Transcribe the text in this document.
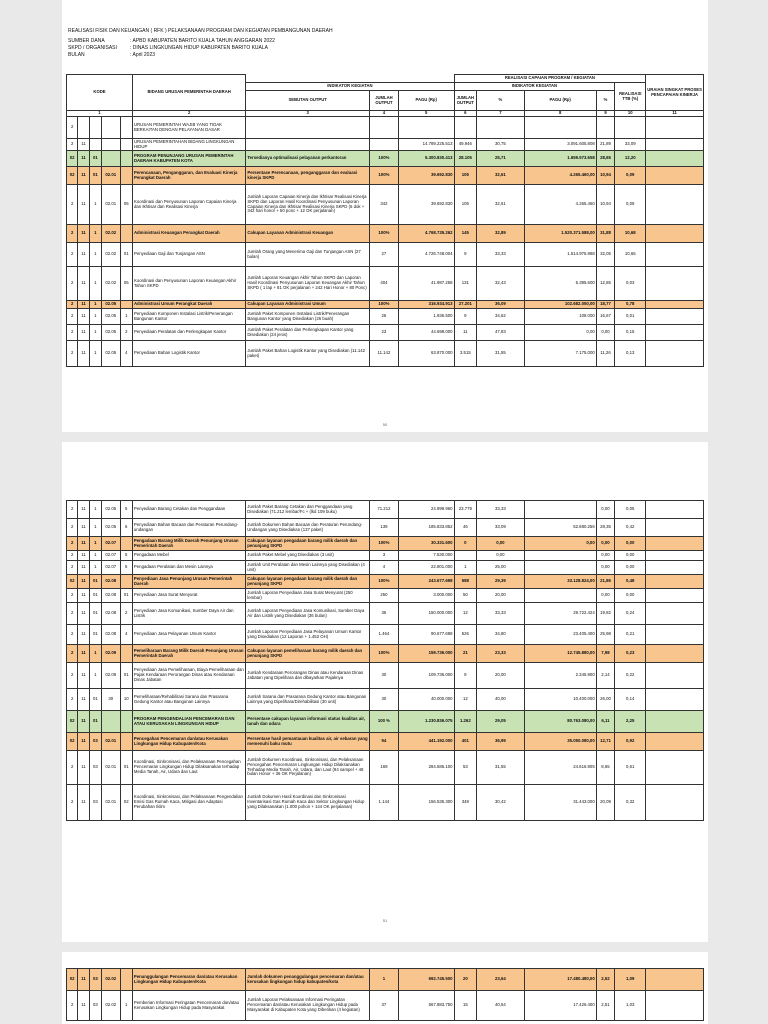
REALISASI FISIK DAN KEUANGAN ( RFK ) PELAKSANAAN PROGRAM DAN KEGIATAN PEMBANGUNAN DAERAH
SUMBER DANA	: APBD KABUPATEN BARITO KUALA TAHUN ANGGARAN 2022
SKPD / ORGANISASI	: DINAS LINGKUNGAN HIDUP KABUPATEN BARITO KUALA
BULAN	: April 2023
KODE					BIDANG URUSAN PEMERINTAH DAERAH				REALISASI CAPAIAN PROGRAM / KEGIATAN					URAIAN SINGKAT PROSES PENCAPAIAN KINERJA
						INDIKATOR KEGIATAN			INDIKATOR KEGIATAN				REALISASI TTB (%)	
						SEBUTAN OUTPUT	JUMLAH OUTPUT	PAGU (Rp)	JUMLAH OUTPUT	%	PAGU (Rp)	%		
1					2	3	4	5	6	7	8	9	10	11
2					URUSAN PEMERINTAH WAJIB YANG TIDAK BERKAITAN DENGAN PELAYANAN DASAR									
2	11				URUSAN PEMERINTAHAN BIDANG LINGKUNGAN HIDUP			14.789.225.513	49.946	30,75	3.091.605.808	21,89	33,09	
02	11	01			PROGRAM PENUNJANG URUSAN PEMERINTAH DAERAH KABUPATEN KOTA	Tersedianya optimalisasi pelayanan perkantoran	100%	5.300.830.413	28.105	25,71	1.659.573.658	28,65	12,20	
02	11	01	02.01		Perencanaan, Penganggaran, dan Evaluasi Kinerja Perangkat Daerah	Persentase Perencanaan, penganggaran dan evaluasi kinerja SKPD	100%	39.692.830	105	32,61	4.265.460,00	10,94	0,09	
2	11	1	02.01	05	Koordinasi dan Penyusunan Laporan Capaian Kinerja dan Ikhtisar dan Realisasi Kinerja	Jumlah Laporan Capaian Kinerja dan Ikhtisar Realisasi Kinerja SKPD dan Laporan Hasil Koordinasi Penyusunan Laporan Capaian Kinerja dan Ikhtisar Realisasi Kinerja SKPD (6 dok + 342 hari honor + 50 ponc + 12 OK perjalanan)	342	39.692.830	105	32,61	4.265.460	10,94	0,09	
2	11	1	02.02		Administrasi Keuangan Perangkat Daerah	Cakupan Layanan Administrasi Keuangan	100%	4.768.735.262	145	32,89	1.520.371.588,00	31,88	10,68	
2	11	1	02.02	01	Penyediaan Gaji dan Tunjangan ASN	Jumlah Orang yang Menerima Gaji dan Tunjangan ASN (27 bulan)	27	4.726.748.004	9	33,33	1.514.975.988	32,05	10,65	
2	11	1	02.02	05	Koordinasi dan Penyusunan Laporan Keuangan Akhir Tahun SKPD	Jumlah Laporan Keuangan Akhir Tahun SKPD dan Laporan Hasil Koordinasi Penyusunan Laporan Keuangan Akhir Tahun SKPD ( 1 lap + 81 OK perjalanan + 242 Hari Honor + 80 Ponc)	404	41.987.258	131	32,43	5.395.600	12,85	0,03	
2	11	1	02.05		Administrasi Umum Perangkat Daerah	Cakupan Layanan Administrasi Umum	100%	316.934.913	27.201	36,09	102.682.050,00	18,77	0,78	
2	11	1	02.05	1	Penyediaan Komponen Instalasi Listrik/Penerangan Bangunan Kantor	Jumlah Paket Komponen Instalasi Listrik/Penerangan Bangunan Kantor yang Disediakan (26 buah)	26	1.936.500	9	34,62	108.000	16,67	0,01	
2	11	1	02.05	2	Penyediaan Peralatan dan Perlengkapan Kantor	Jumlah Paket Peralatan dan Perlengkapan Kantor yang Disediakan (24 jenis)	23	44.698.000	11	47,83	0,00	0,00	0,15	
2	11	1	02.05	4	Penyediaan Bahan Logistik Kantor	Jumlah Paket Bahan Logistik Kantor yang Disediakan (11.142 paket)	11.142	63.870.000	3.515	31,55	7.175.000	11,26	0,13	
50
2	11	1	02.05	5	Penyediaan Barang Cetakan dan Penggandaan	Jumlah Paket Barang Cetakan dan Penggandaan yang Disediakan (71.212 lembar/Fc + (lkd 109 buku)	71.212	24.999.960	23.779	33,33		0,00	0,05	
2	11	1	02.05	6	Penyediaan Bahan Bacaan dan Peraturan Perundang-undangan	Jumlah Dokumen Bahan Bacaan dan Peraturan Perundang-Undangan yang Disediakan (137 paket)	139	185.833.852	46	33,09	52.680.256	28,35	0,42	
2	11	1	02.07		Pengadaan Barang Milik Daerah Penunjang Urusan Pemerintah Daerah	Cakupan layanan pengadaan barang milik daerah dan penunjang SKPD	100%	30.331.600	0	0,00	0,00	0,00	0,00	
2	11	1	02.07	5	Pengadaan Mebel	Jumlah Paket Mebel yang Disediakan (3 unit)	3	7.530.000		0,00		0,00	0,00	
2	11	1	02.07	6	Pengadaan Peralatan dan Mesin Lainnya	Jumlah Unit Peralatan dan Mesin Lainnya yang Disediakan (4 unit)	4	22.801.000	1	25,00		0,00	0,00	
02	11	01	02.08		Penyediaan Jasa Penunjang Urusan Pemerintah Daerah	Cakupan layanan pengadaan barang milik daerah dan penunjang SKPD	100%	243.677.698	588	29,39	33.128.824,00	21,86	0,48	
2	11	01	02.08	01	Penyediaan Jasa Surat Menyurat	Jumlah Laporan Penyediaan Jasa Surat Menyurat (250 lembar)	250	3.000.000	50	20,00		0,00	0,00	
2	11	01	02.08	2	Penyediaan Jasa Komunikasi, Sumber Daya Air dan Listrik	Jumlah Laporan Penyediaan Jasa Komunikasi, Sumber Daya Air dan Listrik yang Disediakan (36 bulan)	36	150.000.000	12	33,33	29.722.424	19,82	0,24	
2	11	01	02.08	4	Penyediaan Jasa Pelayanan Umum Kantor	Jumlah Laporan Penyediaan Jasa Pelayanan Umum Kantor yang Disediakan (12 Laporan + 1.452 OH)	1.464	90.677.698	526	34,80	23.405.400	25,98	0,21	
2	11	1	02.09		Pemeliharaan Barang Milik Daerah Penunjang Urusan Pemerintah Daerah	Cakupan layanan pemeliharaan barang milik daerah dan penunjang SKPD	100%	159.736.000	21	23,33	12.745.880,00	7,98	0,23	
2	11	1	02.09	01	Penyediaan Jasa Pemeliharaan, Biaya Pemeliharaan dan Pajak Kendaraan Perorangan Dinas atau Kendaraan Dinas Jabatan	Jumlah Kendaraan Perorangan Dinas atau Kendaraan Dinas Jabatan yang Dipelihara dan dibayarkan Pajaknya	30	109.736.000	9	20,00	2.345.900	2,14	0,22	
2	11	01	30	10	Pemeliharaan/Rehabilitasi Sarana dan Prasarana Gedung Kantor atau Bangunan Lainnya	Jumlah Sarana dan Prasarana Gedung Kantor atau Bangunan Lainnya yang Dipelihara/Direhabilitasi (30 unit)	30	40.000.000	12	40,00	10.400.000	26,00	0,14	
02	11	01			PROGRAM PENGENDALIAN PENCEMARAN DAN ATAU KERUSAKAN LINGKUNGAN HIDUP	Persentase cakupan layanan informasi status kualitas air, tanah dan udara	100 %	1.230.836.075	1.262	29,05	80.763.080,00	6,11	2,25	
02	11	03	02.01		Pencegahan Pencemaran dan/atau Kerusakan Lingkungan Hidup Kabupaten/Kota	Persentase hasil pemantauan kualitas air, air sebaran yang memenuhi baku mutu	94	441.192.000	401	36,99	35.050.080,00	12,71	0,92	
2	11	03	02.01	01	Koordinasi, Sinkronisasi, dan Pelaksanaan Pencegahan Pencemaran Lingkungan Hidup Dilaksanakan terhadap Media Tanah, Air, Udara dan Laut	Jumlah Dokumen Koordinasi, Sinkronisasi, dan Pelaksanaan Pencegahan Pencemaran Lingkungan Hidup Dilaksanakan Terhadap Media Tanah, Air, Udara, dan Laut (94 sampel + 48 bulan Honor + 36 OK Perjalanan)	169	284.586.100	53	31,55	24.616.905	8,65	0,61	
2	11	03	02.01	02	Koordinasi, Sinkronisasi, dan Pelaksanaan Pengendalian Emisi Gas Rumah Kaca, Mitigasi dan Adaptasi Perubahan Iklim	Jumlah Dokumen Hasil Koordinasi dan Sinkronisasi Inventarisasi Gas Rumah Kaca dan Sektor Lingkungan Hidup yang Dilaksanakan (1.000 pohon + 144 OK perjalanan)	1.144	156.535.300	348	30,42	31.443.000	20,09	0,32	
51
02	11	03	02.02		Penanggulangan Pencemaran dan/atau Kerusakan Lingkungan Hidup Kabupaten/Kota	Jumlah dokumen penanggulangan pencemaran dan/atau kerusakan lingkungan hidup kabupaten/kota	1	692.745.500	20	23,64	17.480.480,00	2,52	1,09	
2	11	03	02.02	1	Pemberian Informasi Peringatan Pencemaran dan/atau Kerusakan Lingkungan Hidup pada Masyarakat	Jumlah Laporan Pelaksanaan Informasi Peringatan Pencemaran dan/atau Kerusakan Lingkungan Hidup pada Masyarakat di Kabupaten Kota yang Diberikan (4 kegiatan)	37	567.883.750	15	40,54	17.426.400	2,51	1,03	
